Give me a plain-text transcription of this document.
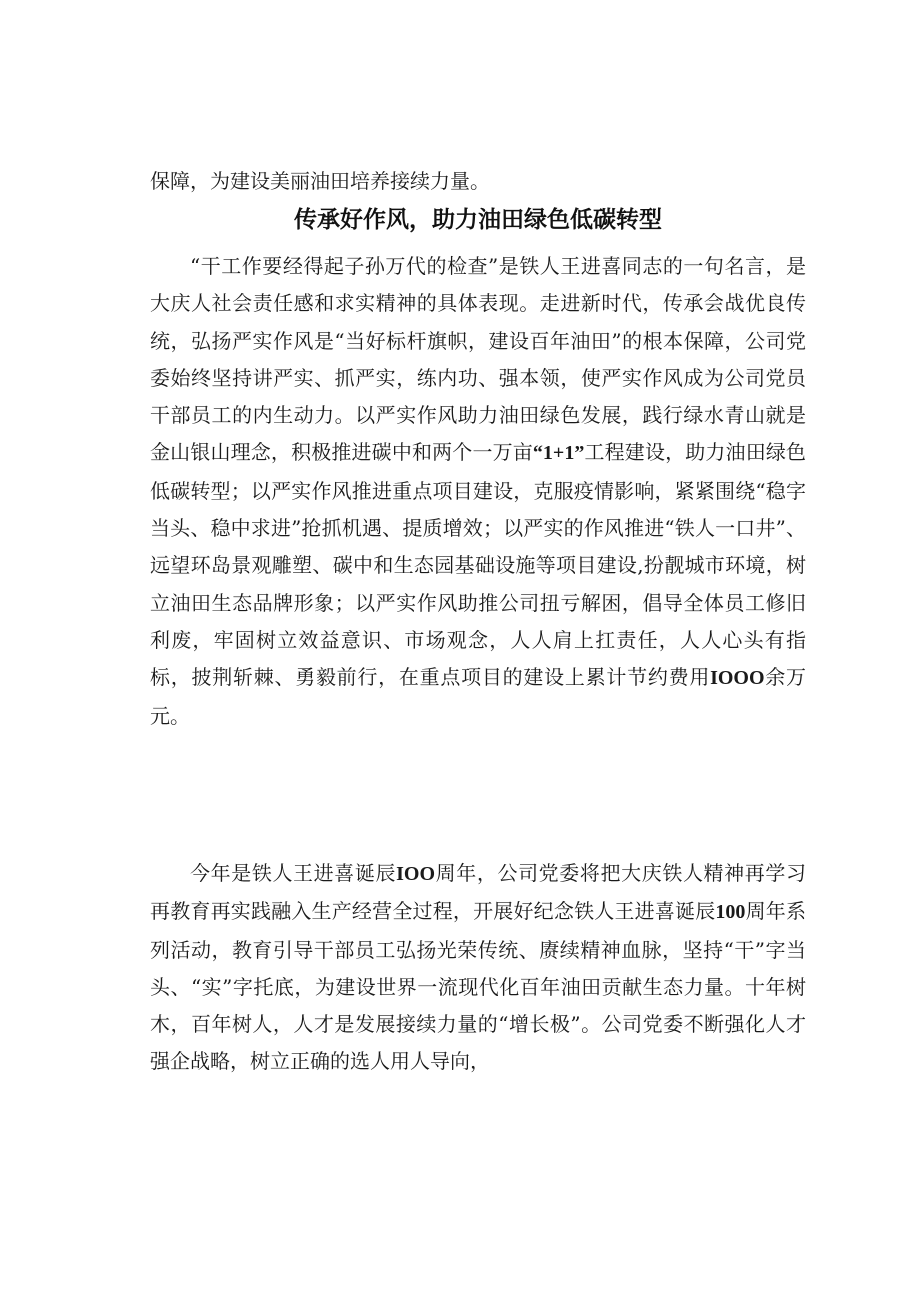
保障，为建设美丽油田培养接续力量。

传承好作风，助力油田绿色低碳转型

“干工作要经得起子孙万代的检查”是铁人王进喜同志的一句名言，是大庆人社会责任感和求实精神的具体表现。走进新时代，传承会战优良传统，弘扬严实作风是“当好标杆旗帜，建设百年油田”的根本保障，公司党委始终坚持讲严实、抓严实，练内功、强本领，使严实作风成为公司党员干部员工的内生动力。以严实作风助力油田绿色发展，践行绿水青山就是金山银山理念，积极推进碳中和两个一万亩“1+1”工程建设，助力油田绿色低碳转型；以严实作风推进重点项目建设，克服疫情影响，紧紧围绕“稳字当头、稳中求进”抢抓机遇、提质增效；以严实的作风推进“铁人一口井”、远望环岛景观雕塑、碳中和生态园基础设施等项目建设,扮靓城市环境，树立油田生态品牌形象；以严实作风助推公司扭亏解困，倡导全体员工修旧利废，牢固树立效益意识、市场观念，人人肩上扛责任，人人心头有指标，披荆斩棘、勇毅前行，在重点项目的建设上累计节约费用IOOO余万元。

今年是铁人王进喜诞辰IOO周年，公司党委将把大庆铁人精神再学习再教育再实践融入生产经营全过程，开展好纪念铁人王进喜诞辰100周年系列活动，教育引导干部员工弘扬光荣传统、赓续精神血脉，坚持“干”字当头、“实”字托底，为建设世界一流现代化百年油田贡献生态力量。十年树木，百年树人，人才是发展接续力量的“增长极”。公司党委不断强化人才强企战略，树立正确的选人用人导向，
